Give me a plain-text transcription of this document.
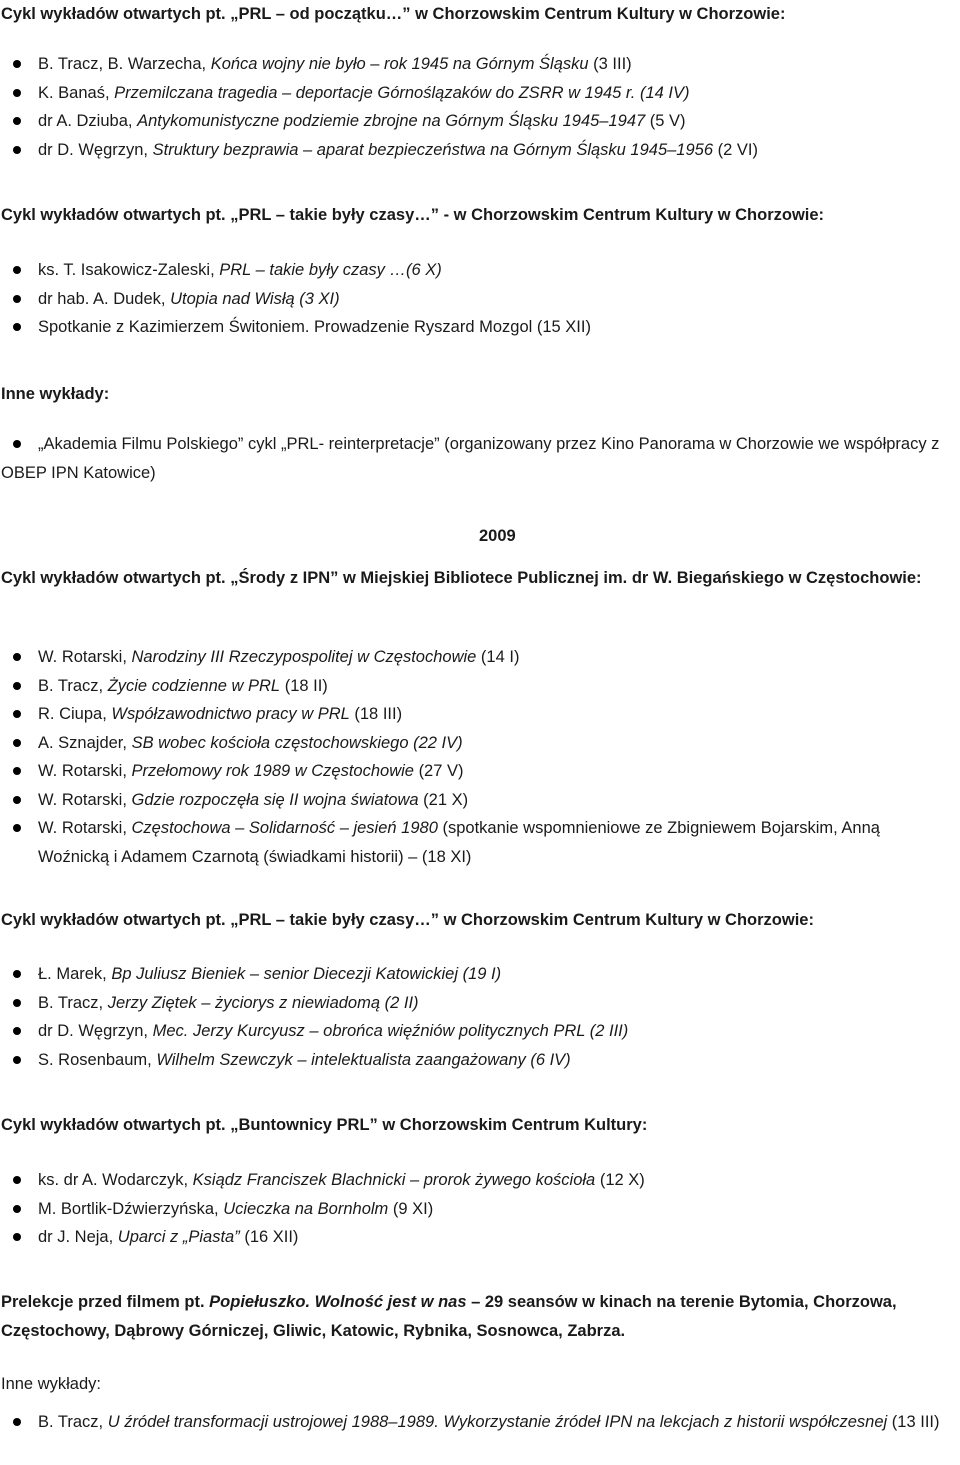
Cykl wykładów otwartych pt. „PRL – od początku…” w Chorzowskim Centrum Kultury w Chorzowie:
B. Tracz, B. Warzecha, Końca wojny nie było – rok 1945 na Górnym Śląsku (3 III)
K. Banaś, Przemilczana tragedia – deportacje Górnoślązaków do ZSRR w 1945 r. (14 IV)
dr A. Dziuba, Antykomunistyczne podziemie zbrojne na Górnym Śląsku 1945–1947 (5 V)
dr D. Węgrzyn, Struktury bezprawia – aparat bezpieczeństwa na Górnym Śląsku 1945–1956 (2 VI)
Cykl wykładów otwartych pt. „PRL – takie były czasy…” - w Chorzowskim Centrum Kultury w Chorzowie:
ks. T. Isakowicz-Zaleski, PRL – takie były czasy …(6 X)
dr hab. A. Dudek, Utopia nad Wisłą (3 XI)
Spotkanie z Kazimierzem Świtoniem. Prowadzenie Ryszard Mozgol (15 XII)
Inne wykłady:
„Akademia Filmu Polskiego” cykl „PRL- reinterpretacje” (organizowany przez Kino Panorama w Chorzowie we współpracy z OBEP IPN Katowice)
2009
Cykl wykładów otwartych pt. „Środy z IPN” w Miejskiej Bibliotece Publicznej im. dr W. Biegańskiego w Częstochowie:
W. Rotarski, Narodziny III Rzeczypospolitej w Częstochowie (14 I)
B. Tracz, Życie codzienne w PRL (18 II)
R. Ciupa, Współzawodnictwo pracy w PRL (18 III)
A. Sznajder, SB wobec kościoła częstochowskiego (22 IV)
W. Rotarski, Przełomowy rok 1989 w Częstochowie (27 V)
W. Rotarski, Gdzie rozpoczęła się II wojna światowa (21 X)
W. Rotarski, Częstochowa – Solidarność – jesień 1980 (spotkanie wspomnieniowe ze Zbigniewem Bojarskim, Anną Woźnicką i Adamem Czarnotą (świadkami historii) – (18 XI)
Cykl wykładów otwartych pt. „PRL – takie były czasy…” w Chorzowskim Centrum Kultury w Chorzowie:
Ł. Marek, Bp Juliusz Bieniek – senior Diecezji Katowickiej (19 I)
B. Tracz, Jerzy Ziętek – życiorys z niewiadomą (2 II)
dr D. Węgrzyn, Mec. Jerzy Kurcyusz – obrońca więźniów politycznych PRL (2 III)
S. Rosenbaum, Wilhelm Szewczyk – intelektualista zaangażowany (6 IV)
Cykl wykładów otwartych pt. „Buntownicy PRL” w Chorzowskim Centrum Kultury:
ks. dr A. Wodarczyk, Ksiądz Franciszek Blachnicki – prorok żywego kościoła (12 X)
M. Bortlik-Dźwierzyńska, Ucieczka na Bornholm (9 XI)
dr J. Neja, Uparci z „Piasta” (16 XII)
Prelekcje przed filmem pt. Popiełuszko. Wolność jest w nas – 29 seansów w kinach na terenie Bytomia, Chorzowa, Częstochowy, Dąbrowy Górniczej, Gliwic, Katowic, Rybnika, Sosnowca, Zabrza.
Inne wykłady:
B. Tracz, U źródeł transformacji ustrojowej 1988–1989. Wykorzystanie źródeł IPN na lekcjach z historii współczesnej (13 III)
